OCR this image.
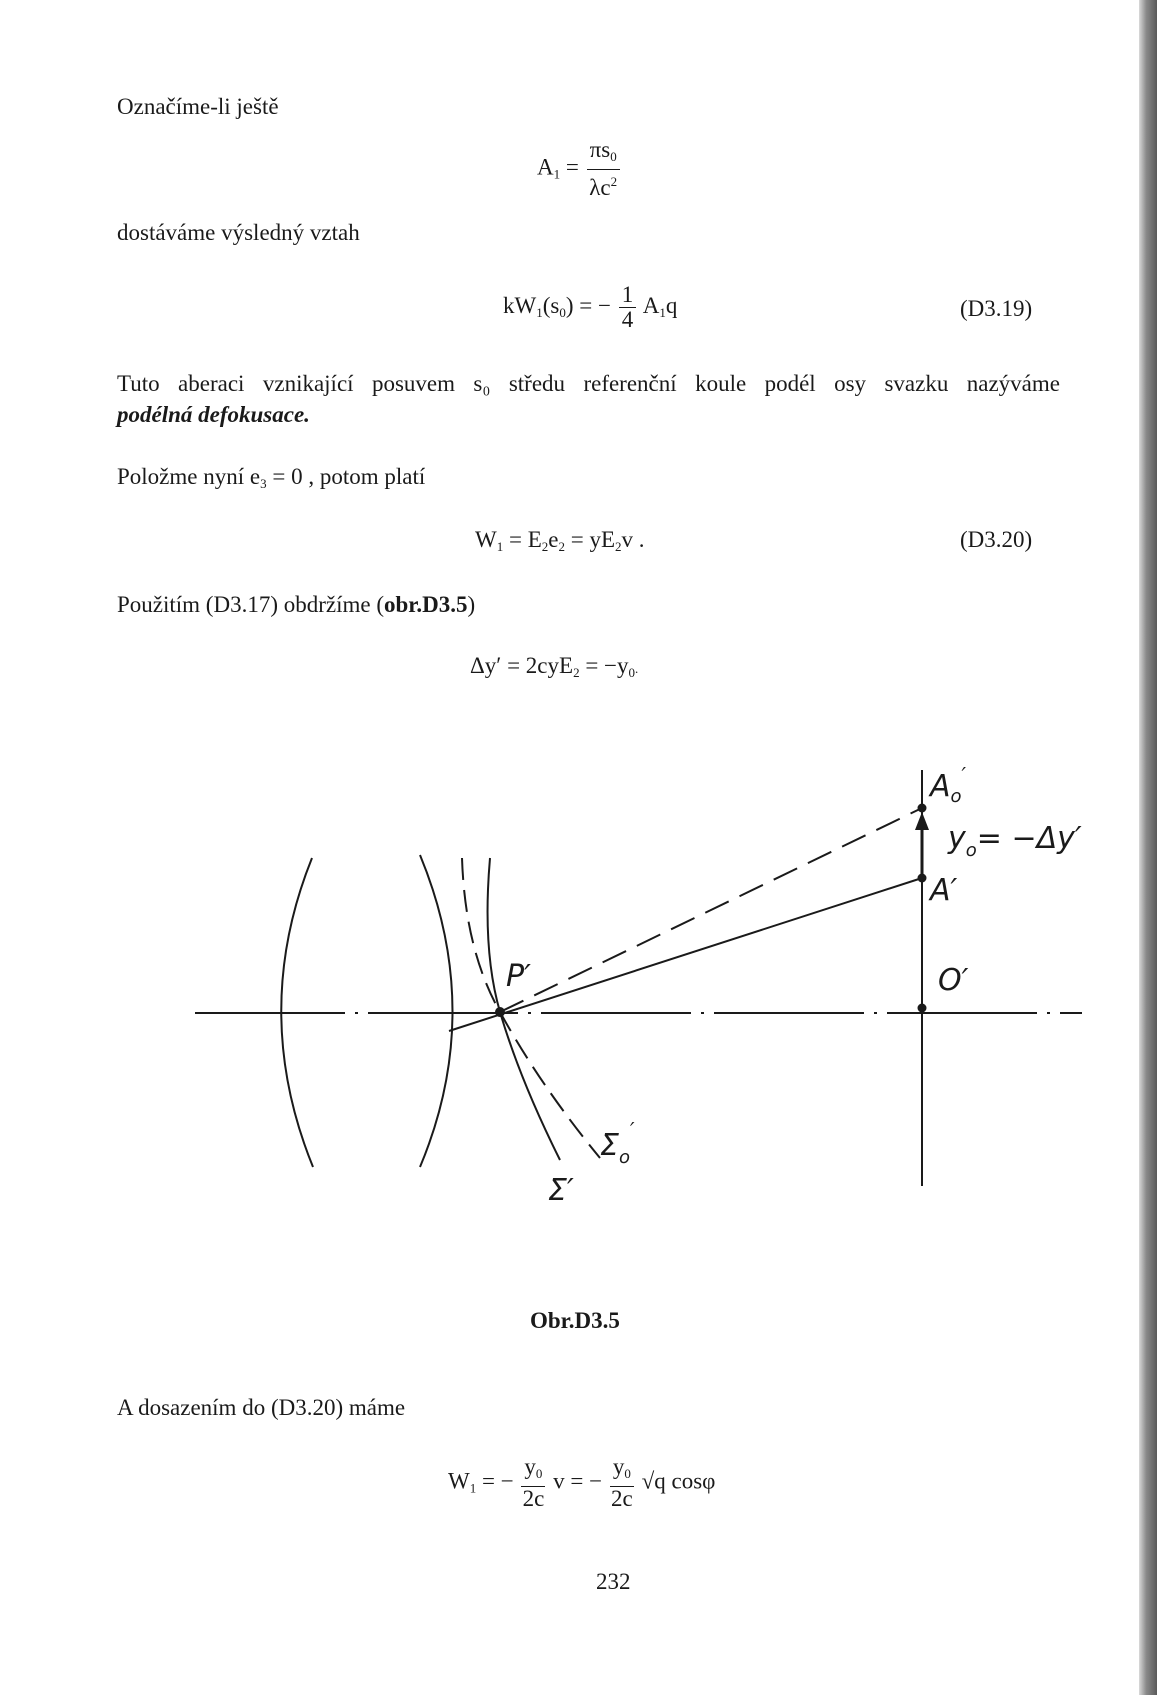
Označíme-li ještě
$A_1 = \frac{\pi s_0}{\lambda c^2}$
dostáváme výsledný vztah
$kW_1(s_0)$ = − $\frac{1}{4} A_1q$	(D3.19)
Tuto aberaci vznikající posuvem s₀ středu referenční koule podél osy svazku nazýváme
podélná defokusace.
Položme nyní $e_3 = 0$ , potom platí
$W_1 = E_2e_2 = yE_2v$ .	(D3.20)
Použitím (D3.17) obdržíme (obr.D3.5)
$\Delta y' = 2cyE_2 = -y_0$.
$A_o'$
$y_o= -\Delta y'$
A′
O′
P′
$\Sigma_o'$
Σ′
Obr.D3.5
A dosazením do (D3.20) máme
$W_1$ = − $\frac{y_0}{2c}$ v = − $\frac{y_0}{2c} √q$ cosφ
232
